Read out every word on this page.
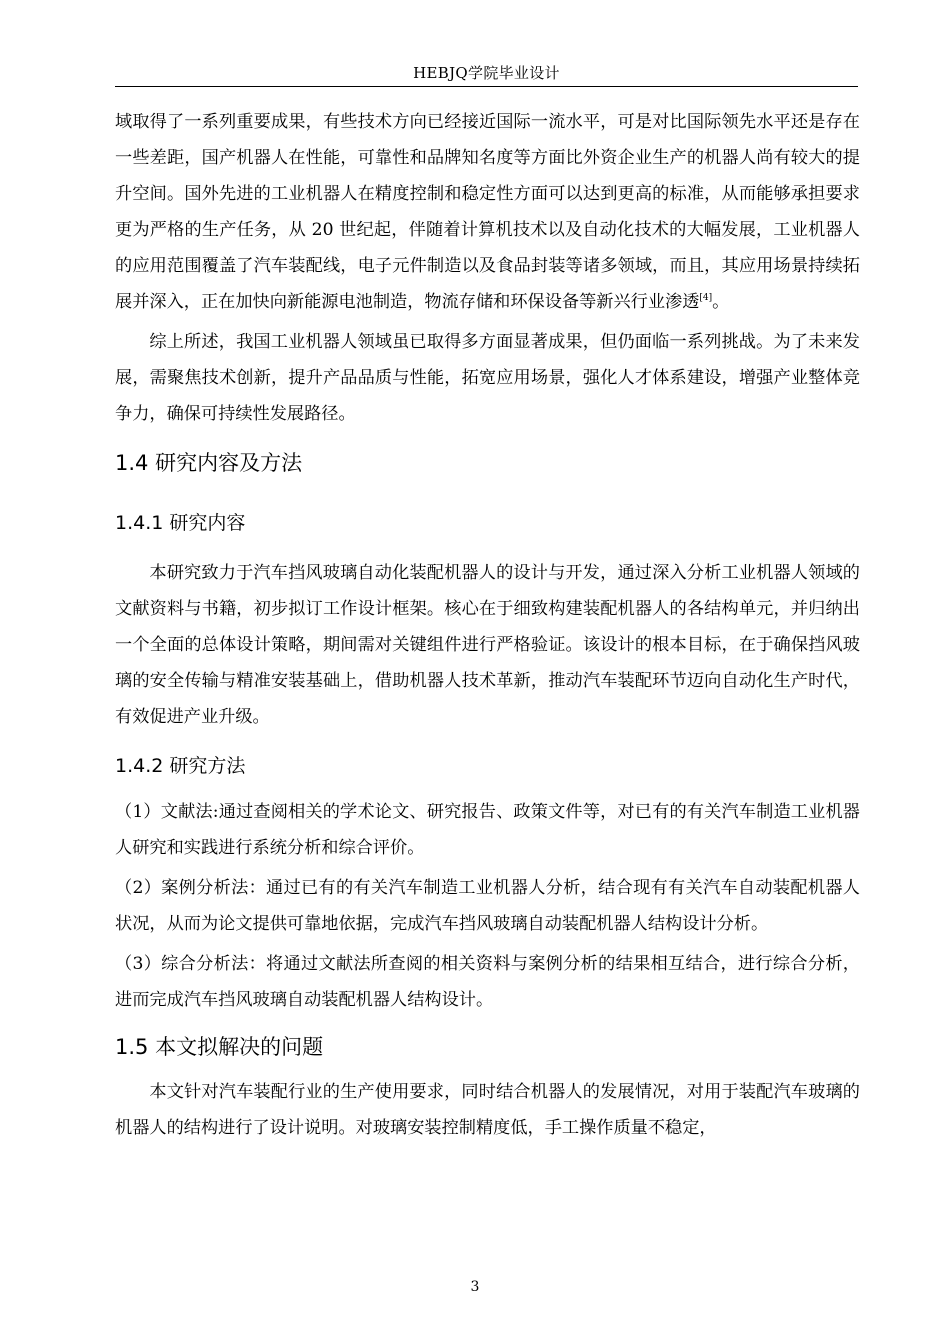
HEBJQ学院毕业设计

域取得了一系列重要成果，有些技术方向已经接近国际一流水平，可是对比国际领先水平还是存在一些差距，国产机器人在性能，可靠性和品牌知名度等方面比外资企业生产的机器人尚有较大的提升空间。国外先进的工业机器人在精度控制和稳定性方面可以达到更高的标准，从而能够承担要求更为严格的生产任务，从 20 世纪起，伴随着计算机技术以及自动化技术的大幅发展，工业机器人的应用范围覆盖了汽车装配线，电子元件制造以及食品封装等诸多领域，而且，其应用场景持续拓展并深入，正在加快向新能源电池制造，物流存储和环保设备等新兴行业渗透[4]。

综上所述，我国工业机器人领域虽已取得多方面显著成果，但仍面临一系列挑战。为了未来发展，需聚焦技术创新，提升产品品质与性能，拓宽应用场景，强化人才体系建设，增强产业整体竞争力，确保可持续性发展路径。

1.4 研究内容及方法
1.4.1 研究内容

本研究致力于汽车挡风玻璃自动化装配机器人的设计与开发，通过深入分析工业机器人领域的文献资料与书籍，初步拟订工作设计框架。核心在于细致构建装配机器人的各结构单元，并归纳出一个全面的总体设计策略，期间需对关键组件进行严格验证。该设计的根本目标，在于确保挡风玻璃的安全传输与精准安装基础上，借助机器人技术革新，推动汽车装配环节迈向自动化生产时代，有效促进产业升级。

1.4.2 研究方法

（1）文献法:通过查阅相关的学术论文、研究报告、政策文件等，对已有的有关汽车制造工业机器人研究和实践进行系统分析和综合评价。

（2）案例分析法：通过已有的有关汽车制造工业机器人分析，结合现有有关汽车自动装配机器人状况，从而为论文提供可靠地依据，完成汽车挡风玻璃自动装配机器人结构设计分析。

（3）综合分析法：将通过文献法所查阅的相关资料与案例分析的结果相互结合，进行综合分析，进而完成汽车挡风玻璃自动装配机器人结构设计。

1.5 本文拟解决的问题

本文针对汽车装配行业的生产使用要求，同时结合机器人的发展情况，对用于装配汽车玻璃的机器人的结构进行了设计说明。对玻璃安装控制精度低，手工操作质量不稳定，

3
